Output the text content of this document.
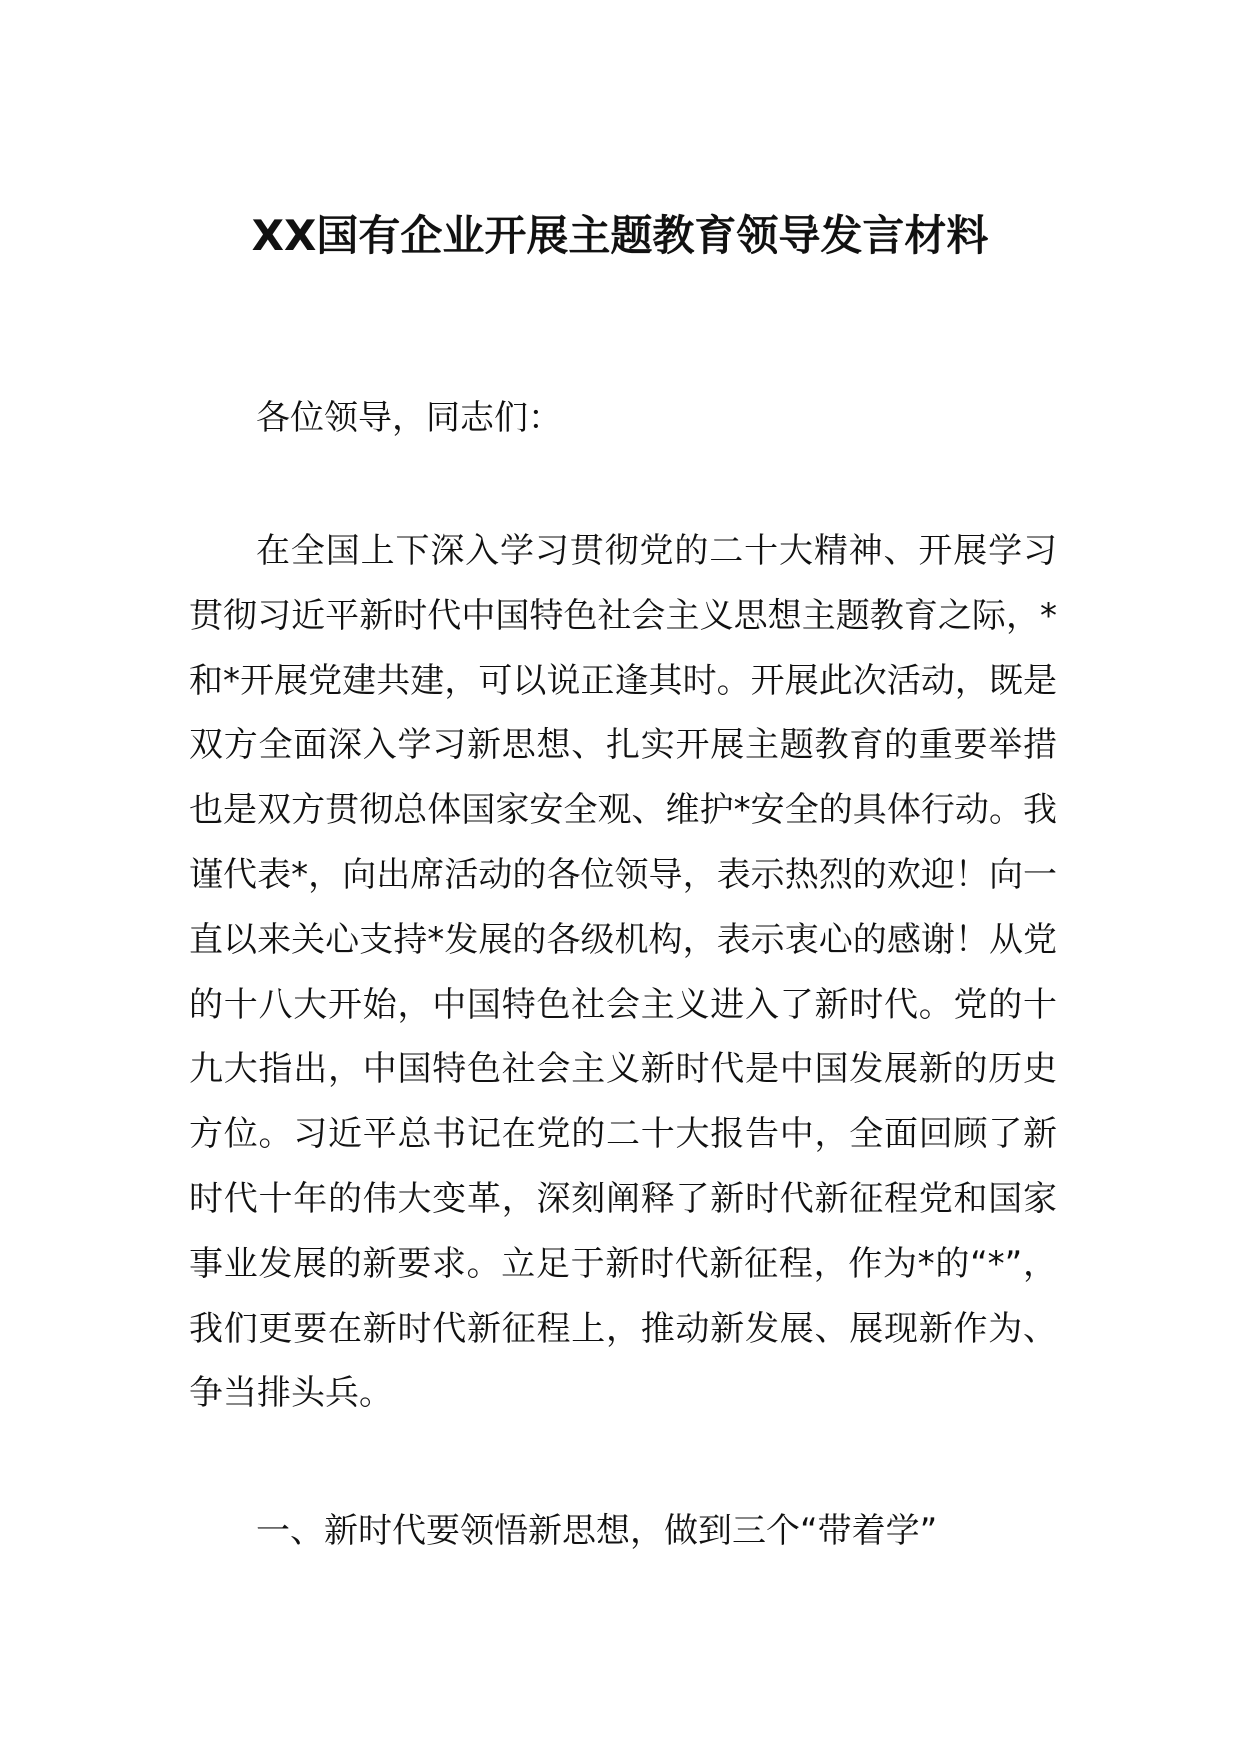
XX国有企业开展主题教育领导发言材料
各位领导，同志们：
在全国上下深入学习贯彻党的二十大精神、开展学习
贯彻习近平新时代中国特色社会主义思想主题教育之际，*
和*开展党建共建，可以说正逢其时。开展此次活动，既是
双方全面深入学习新思想、扎实开展主题教育的重要举措
也是双方贯彻总体国家安全观、维护*安全的具体行动。我
谨代表*，向出席活动的各位领导，表示热烈的欢迎！向一
直以来关心支持*发展的各级机构，表示衷心的感谢！从党
的十八大开始，中国特色社会主义进入了新时代。党的十
九大指出，中国特色社会主义新时代是中国发展新的历史
方位。习近平总书记在党的二十大报告中，全面回顾了新
时代十年的伟大变革，深刻阐释了新时代新征程党和国家
事业发展的新要求。立足于新时代新征程，作为*的“*”，
我们更要在新时代新征程上，推动新发展、展现新作为、
争当排头兵。
一、新时代要领悟新思想，做到三个“带着学”
